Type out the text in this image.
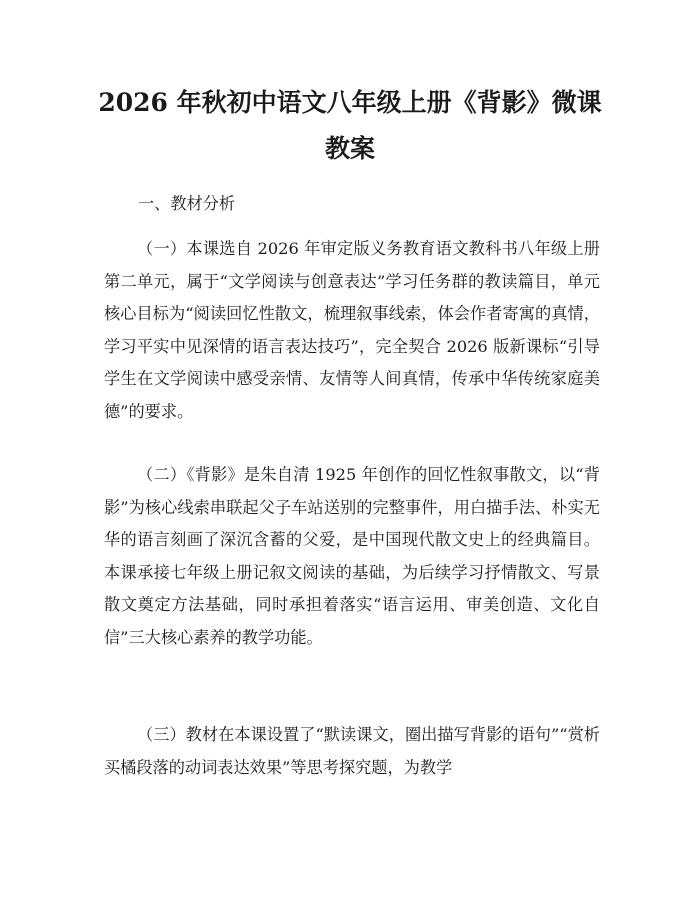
2026 年秋初中语文八年级上册《背影》微课
教案

一、教材分析

（一）本课选自 2026 年审定版义务教育语文教科书八年级上册第二单元，属于“文学阅读与创意表达”学习任务群的教读篇目，单元核心目标为“阅读回忆性散文，梳理叙事线索，体会作者寄寓的真情，学习平实中见深情的语言表达技巧”，完全契合 2026 版新课标“引导学生在文学阅读中感受亲情、友情等人间真情，传承中华传统家庭美德”的要求。

（二）《背影》是朱自清 1925 年创作的回忆性叙事散文，以“背影”为核心线索串联起父子车站送别的完整事件，用白描手法、朴实无华的语言刻画了深沉含蓄的父爱，是中国现代散文史上的经典篇目。本课承接七年级上册记叙文阅读的基础，为后续学习抒情散文、写景散文奠定方法基础，同时承担着落实“语言运用、审美创造、文化自信”三大核心素养的教学功能。

（三）教材在本课设置了“默读课文，圈出描写背影的语句”“赏析买橘段落的动词表达效果”等思考探究题，为教学
